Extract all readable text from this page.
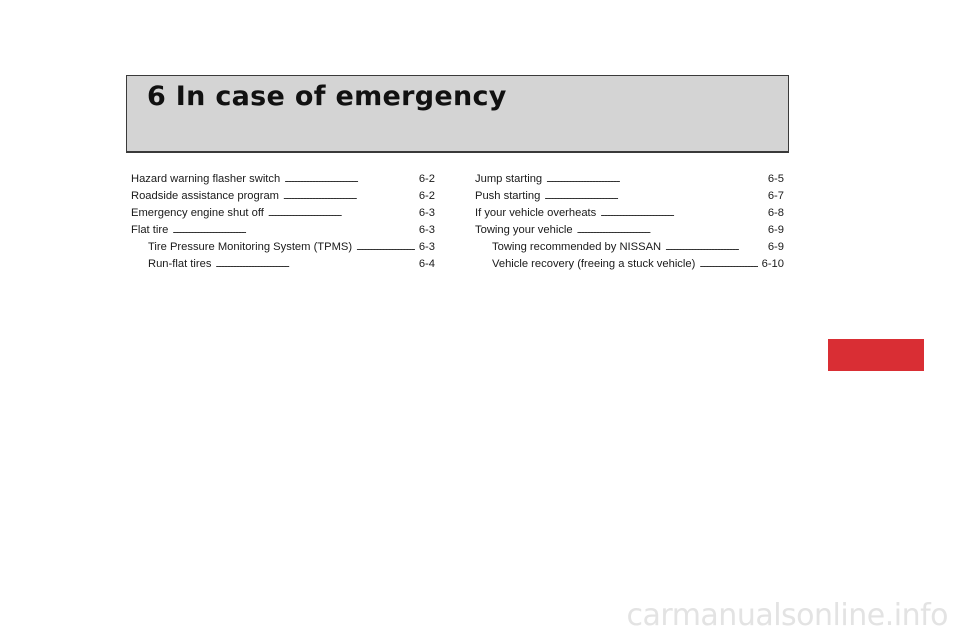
6 In case of emergency
Hazard warning flasher switch . . .	6-2
Roadside assistance program . . .	6-2
Emergency engine shut off . . .	6-3
Flat tire . . .	6-3
Tire Pressure Monitoring System (TPMS) . . .	6-3
Run-flat tires . . .	6-4
Jump starting . . .	6-5
Push starting . . .	6-7
If your vehicle overheats . . .	6-8
Towing your vehicle . . .	6-9
Towing recommended by NISSAN . . .	6-9
Vehicle recovery (freeing a stuck vehicle) . . .	6-10
carmanualsonline.info
